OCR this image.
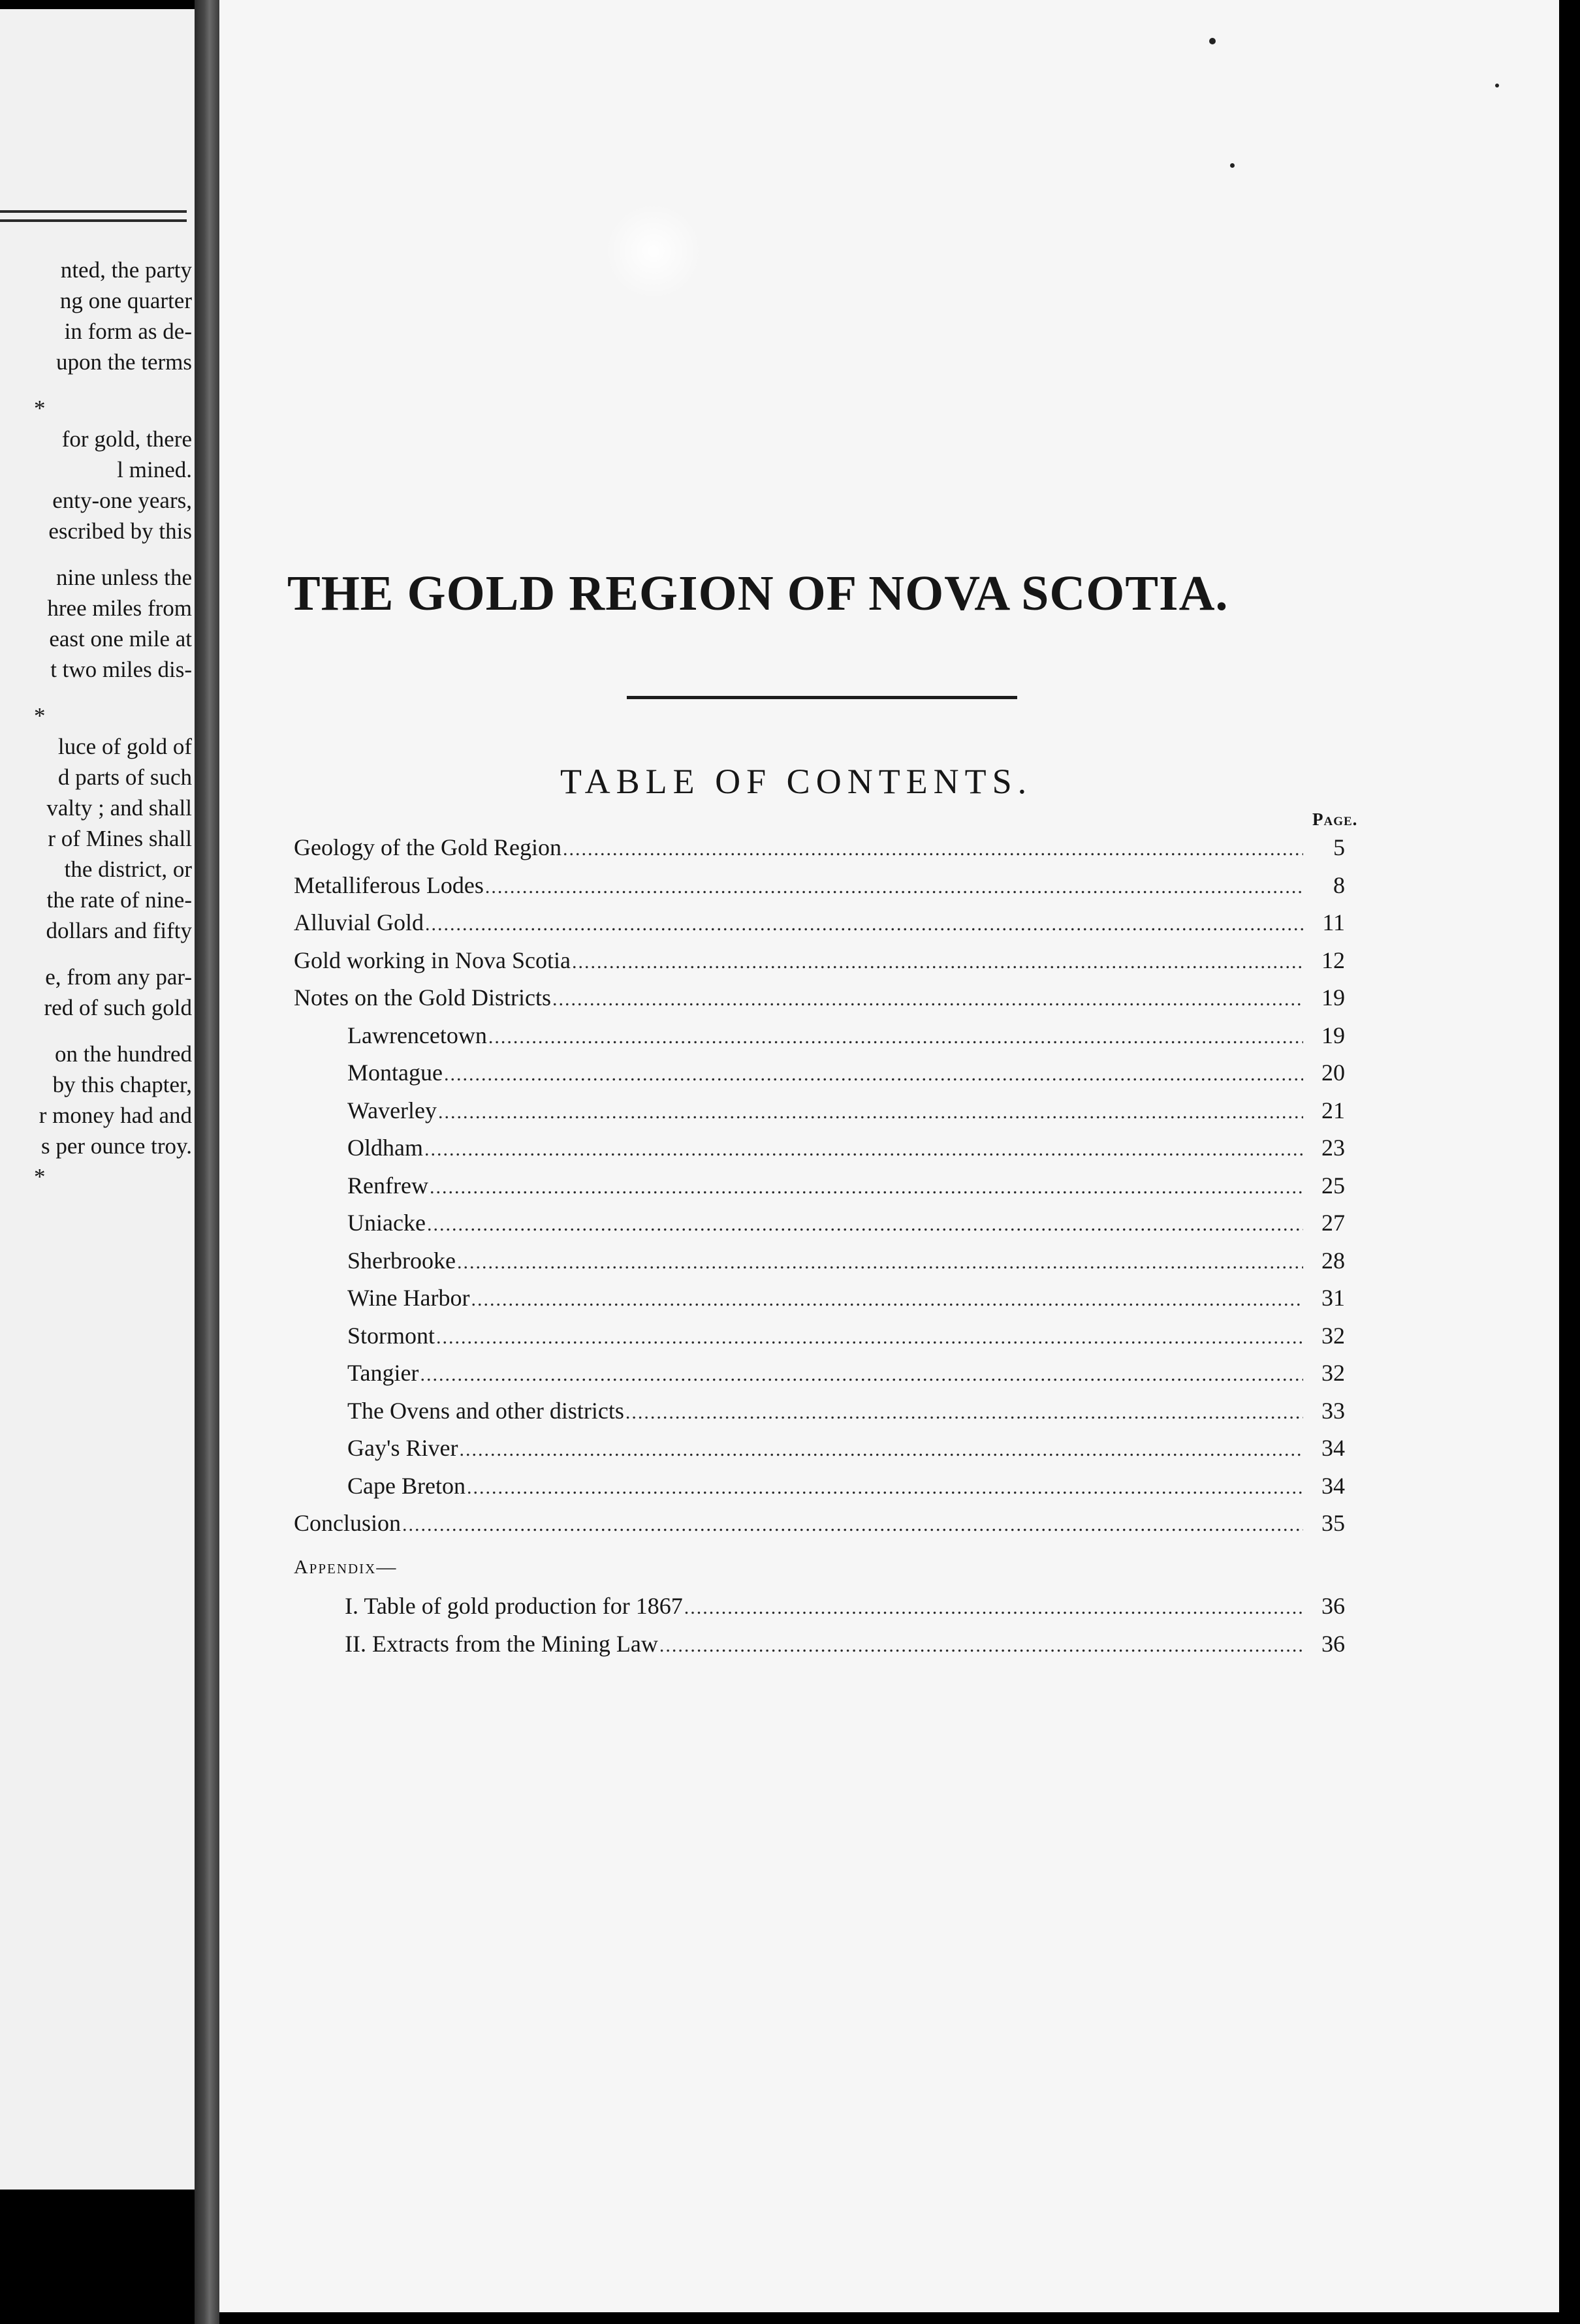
nted, the party
ng one quarter
in form as de-
upon the terms
*
for gold, there
l mined.
enty-one years,
escribed by this
nine unless the
hree miles from
east one mile at
t two miles dis-
*
luce of gold of
d parts of such
valty ; and shall
r of Mines shall
the district, or
the rate of nine-
dollars and fifty
e, from any par-
red of such gold
on the hundred
by this chapter,
r money had and
s per ounce troy.
*
THE GOLD REGION OF NOVA SCOTIA.
TABLE OF CONTENTS.
Page.
Geology of the Gold Region .....	5
Metalliferous Lodes .....	8
Alluvial Gold .....	11
Gold working in Nova Scotia .....	12
Notes on the Gold Districts .....	19
Lawrencetown .....	19
Montague .....	20
Waverley .....	21
Oldham .....	23
Renfrew .....	25
Uniacke .....	27
Sherbrooke .....	28
Wine Harbor .....	31
Stormont .....	32
Tangier .....	32
The Ovens and other districts .....	33
Gay's River .....	34
Cape Breton .....	34
Conclusion .....	35
Appendix—
I. Table of gold production for 1867 .....	36
II. Extracts from the Mining Law .....	36
